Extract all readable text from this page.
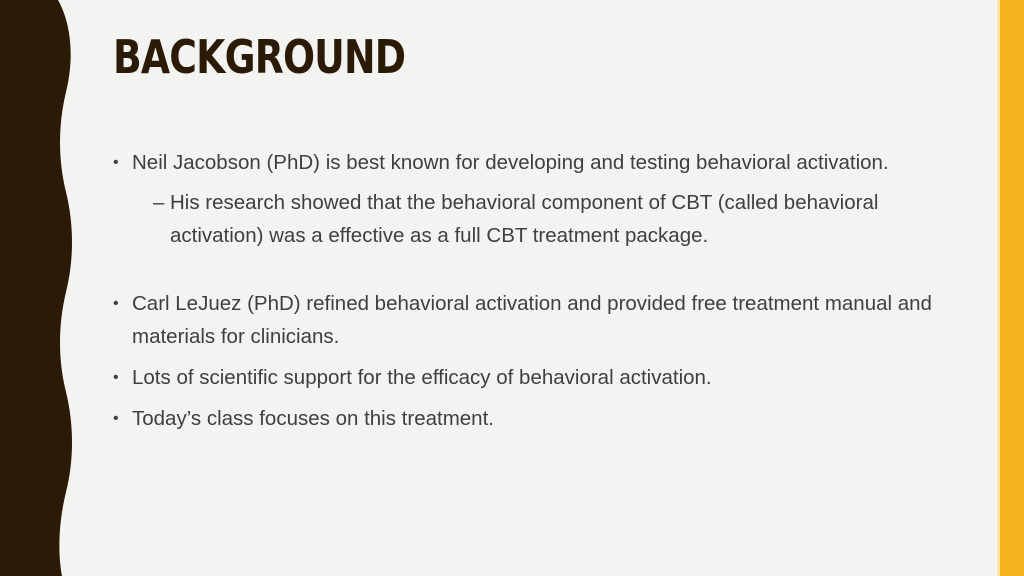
BACKGROUND

• Neil Jacobson (PhD) is best known for developing and testing behavioral activation.

– His research showed that the behavioral component of CBT (called behavioral activation) was a effective as a full CBT treatment package.

• Carl LeJuez (PhD) refined behavioral activation and provided free treatment manual and materials for clinicians.

• Lots of scientific support for the efficacy of behavioral activation.

• Today’s class focuses on this treatment.
